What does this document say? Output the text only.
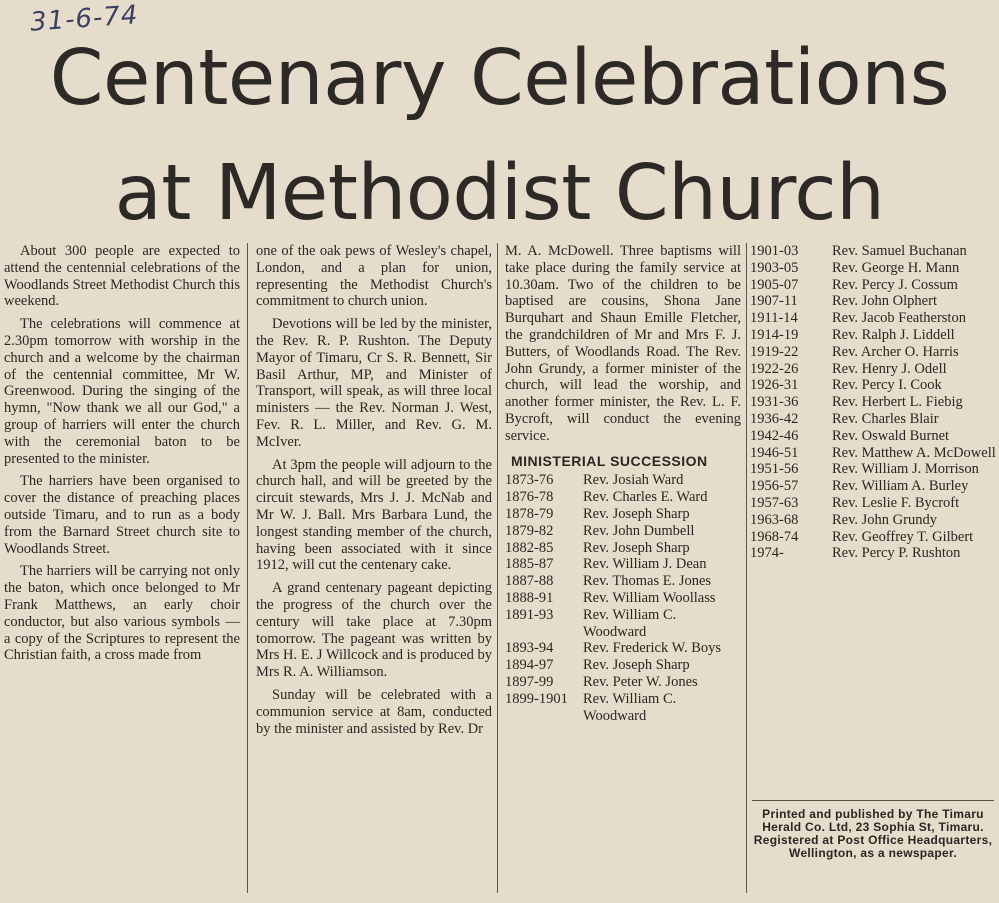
31-6-74
Centenary Celebrations
at Methodist Church

About 300 people are expected to attend the centennial celebrations of the Woodlands Street Methodist Church this weekend.

The celebrations will commence at 2.30pm tomorrow with worship in the church and a welcome by the chairman of the centennial committee, Mr W. Greenwood. During the singing of the hymn, "Now thank we all our God," a group of harriers will enter the church with the ceremonial baton to be presented to the minister.

The harriers have been organised to cover the distance of preaching places outside Timaru, and to run as a body from the Barnard Street church site to Woodlands Street.

The harriers will be carrying not only the baton, which once belonged to Mr Frank Matthews, an early choir conductor, but also various symbols — a copy of the Scriptures to represent the Christian faith, a cross made from

one of the oak pews of Wesley's chapel, London, and a plan for union, representing the Methodist Church's commitment to church union.

Devotions will be led by the minister, the Rev. R. P. Rushton. The Deputy Mayor of Timaru, Cr S. R. Bennett, Sir Basil Arthur, MP, and Minister of Transport, will speak, as will three local ministers — the Rev. Norman J. West, Fev. R. L. Miller, and Rev. G. M. McIver.

At 3pm the people will adjourn to the church hall, and will be greeted by the circuit stewards, Mrs J. J. McNab and Mr W. J. Ball. Mrs Barbara Lund, the longest standing member of the church, having been associated with it since 1912, will cut the centenary cake.

A grand centenary pageant depicting the progress of the church over the century will take place at 7.30pm tomorrow. The pageant was written by Mrs H. E. J Willcock and is produced by Mrs R. A. Williamson.

Sunday will be celebrated with a communion service at 8am, conducted by the minister and assisted by Rev. Dr

M. A. McDowell. Three baptisms will take place during the family service at 10.30am. Two of the children to be baptised are cousins, Shona Jane Burquhart and Shaun Emille Fletcher, the grandchildren of Mr and Mrs F. J. Butters, of Woodlands Road. The Rev. John Grundy, a former minister of the church, will lead the worship, and another former minister, the Rev. L. F. Bycroft, will conduct the evening service.

MINISTERIAL SUCCESSION
1873-76	Rev. Josiah Ward
1876-78	Rev. Charles E. Ward
1878-79	Rev. Joseph Sharp
1879-82	Rev. John Dumbell
1882-85	Rev. Joseph Sharp
1885-87	Rev. William J. Dean
1887-88	Rev. Thomas E. Jones
1888-91	Rev. William Woollass
1891-93	Rev. William C. Woodward
1893-94	Rev. Frederick W. Boys
1894-97	Rev. Joseph Sharp
1897-99	Rev. Peter W. Jones
1899-1901	Rev. William C. Woodward
1901-03	Rev. Samuel Buchanan
1903-05	Rev. George H. Mann
1905-07	Rev. Percy J. Cossum
1907-11	Rev. John Olphert
1911-14	Rev. Jacob Featherston
1914-19	Rev. Ralph J. Liddell
1919-22	Rev. Archer O. Harris
1922-26	Rev. Henry J. Odell
1926-31	Rev. Percy I. Cook
1931-36	Rev. Herbert L. Fiebig
1936-42	Rev. Charles Blair
1942-46	Rev. Oswald Burnet
1946-51	Rev. Matthew A. McDowell
1951-56	Rev. William J. Morrison
1956-57	Rev. William A. Burley
1957-63	Rev. Leslie F. Bycroft
1963-68	Rev. John Grundy
1968-74	Rev. Geoffrey T. Gilbert
1974-	Rev. Percy P. Rushton
Printed and published by The Timaru Herald Co. Ltd, 23 Sophia St, Timaru. Registered at Post Office Headquarters, Wellington, as a newspaper.
